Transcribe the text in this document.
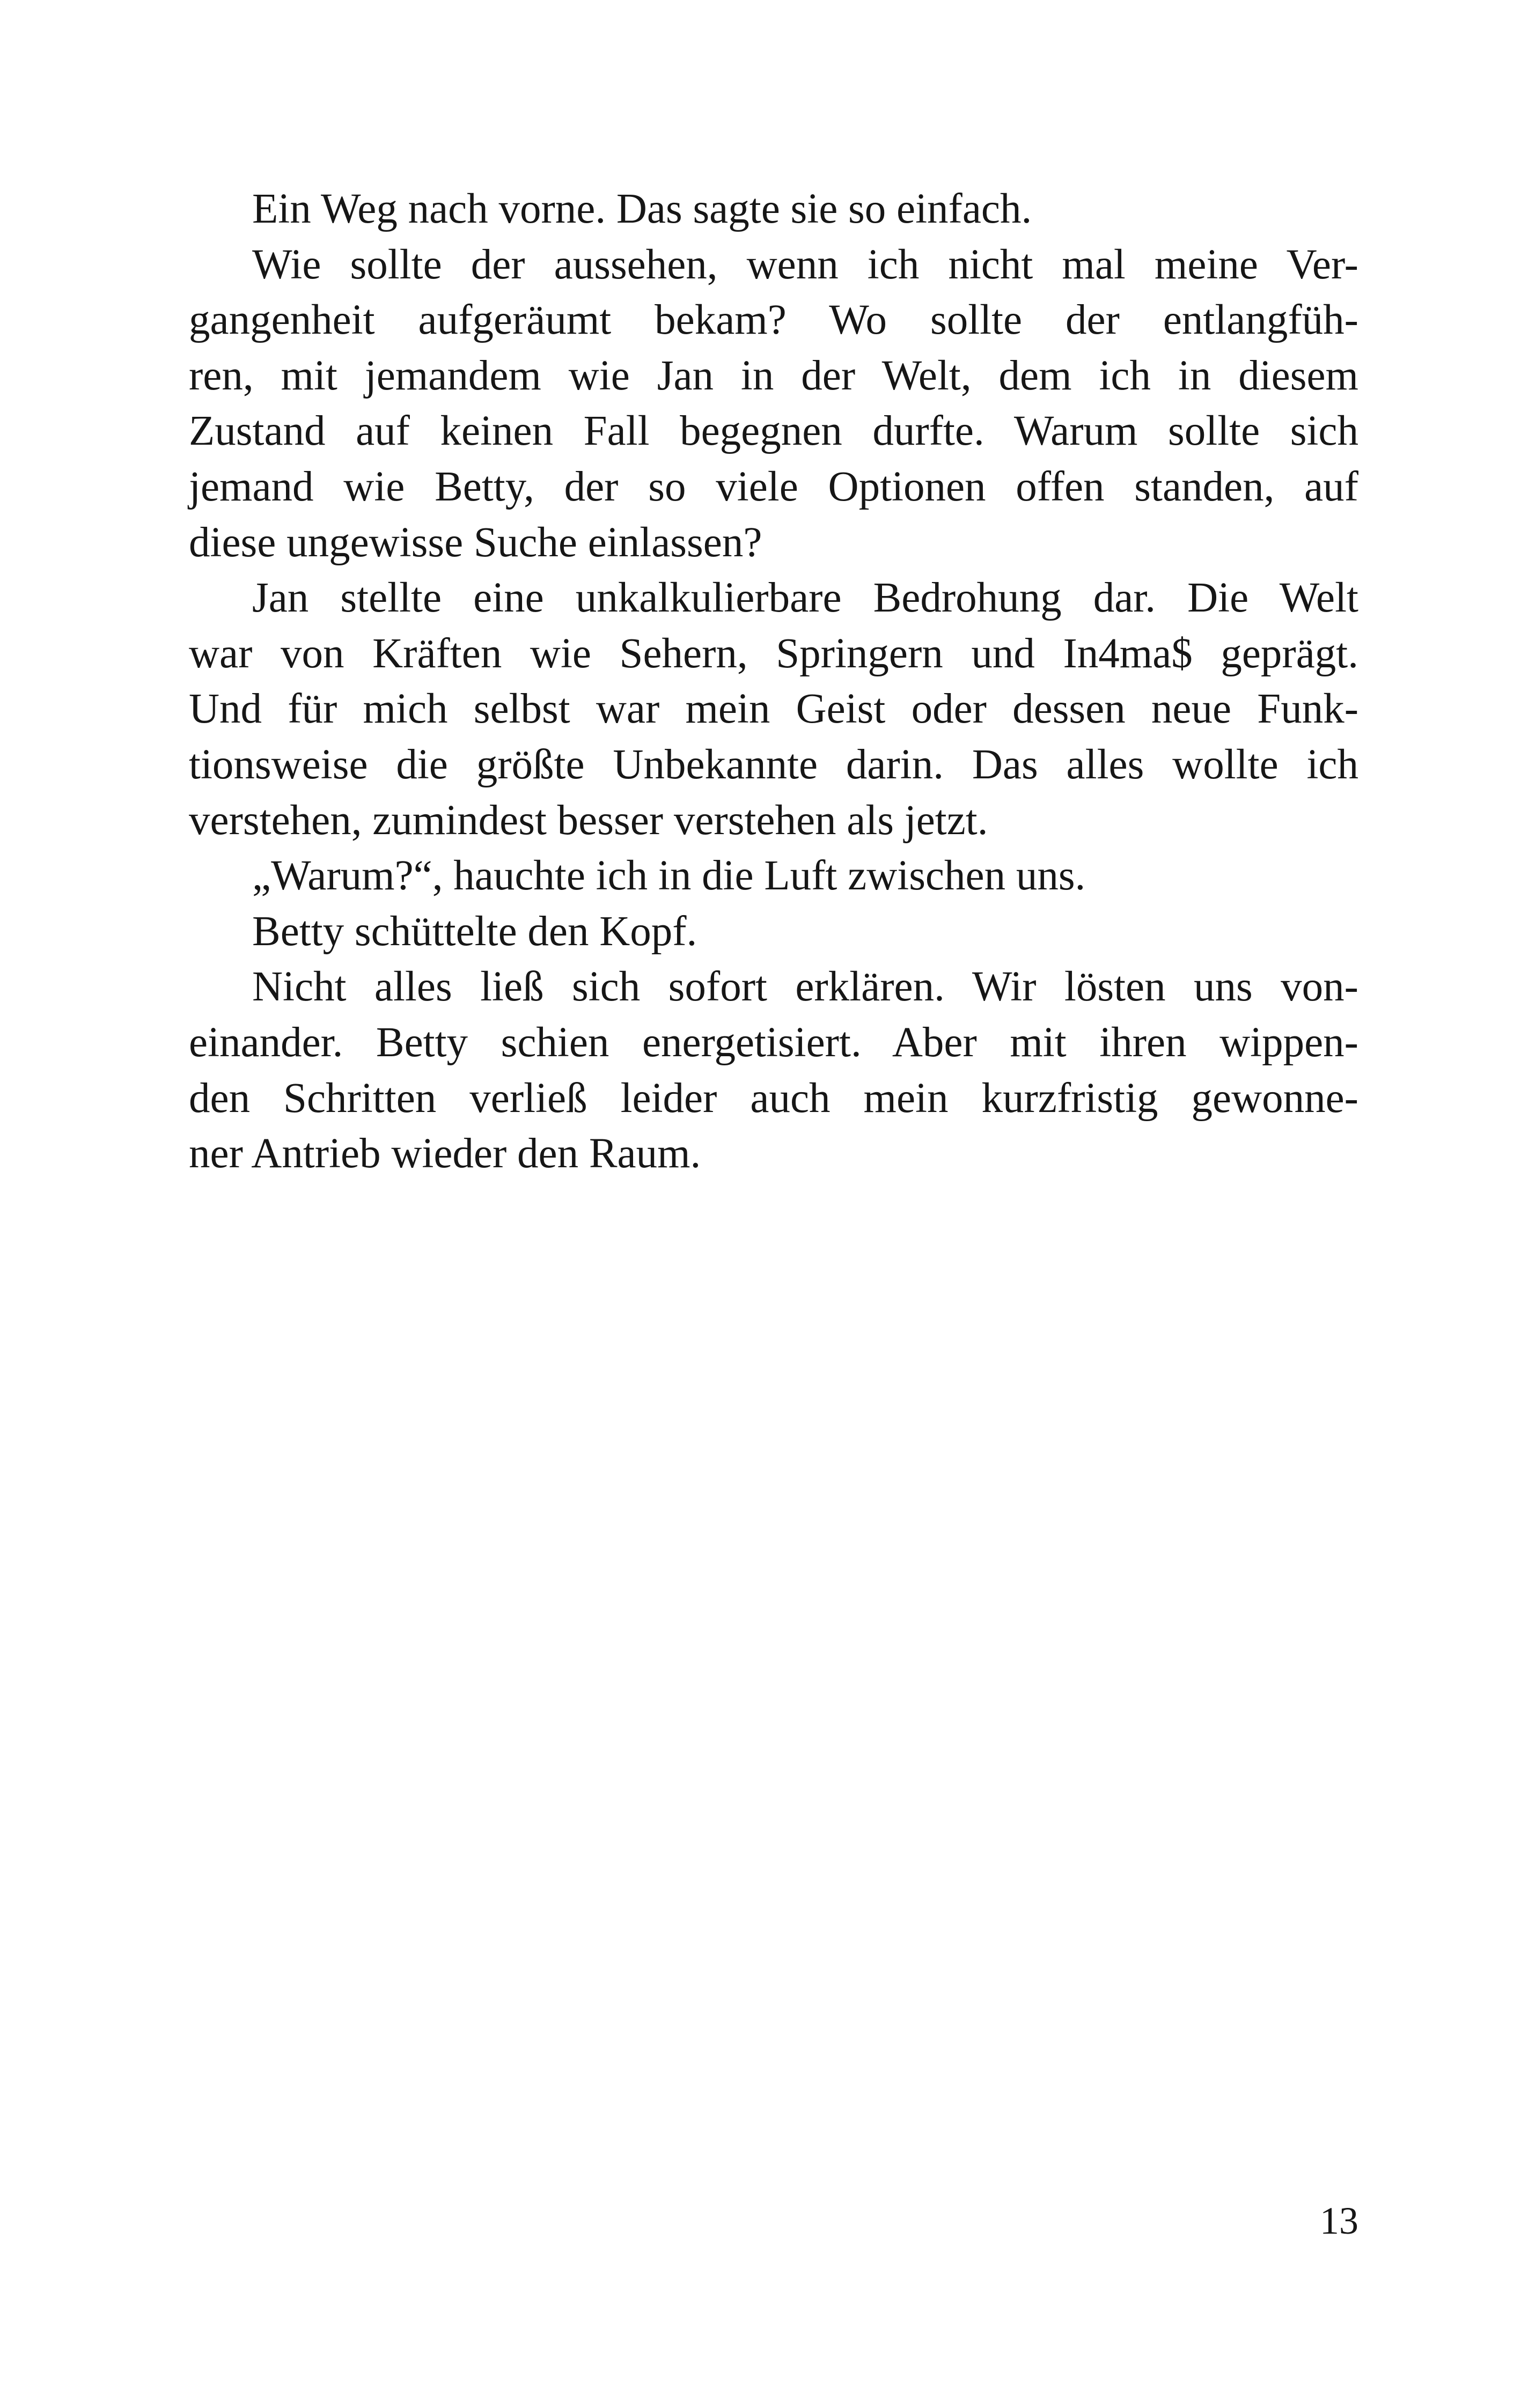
Ein Weg nach vorne. Das sagte sie so einfach.
Wie sollte der aussehen, wenn ich nicht mal meine Ver-
gangenheit aufgeräumt bekam? Wo sollte der entlangfüh-
ren, mit jemandem wie Jan in der Welt, dem ich in diesem
Zustand auf keinen Fall begegnen durfte. Warum sollte sich
jemand wie Betty, der so viele Optionen offen standen, auf
diese ungewisse Suche einlassen?
Jan stellte eine unkalkulierbare Bedrohung dar. Die Welt
war von Kräften wie Sehern, Springern und In4ma$ geprägt.
Und für mich selbst war mein Geist oder dessen neue Funk-
tionsweise die größte Unbekannte darin. Das alles wollte ich
verstehen, zumindest besser verstehen als jetzt.
„Warum?“, hauchte ich in die Luft zwischen uns.
Betty schüttelte den Kopf.
Nicht alles ließ sich sofort erklären. Wir lösten uns von-
einander. Betty schien energetisiert. Aber mit ihren wippen-
den Schritten verließ leider auch mein kurzfristig gewonne-
ner Antrieb wieder den Raum.
13
